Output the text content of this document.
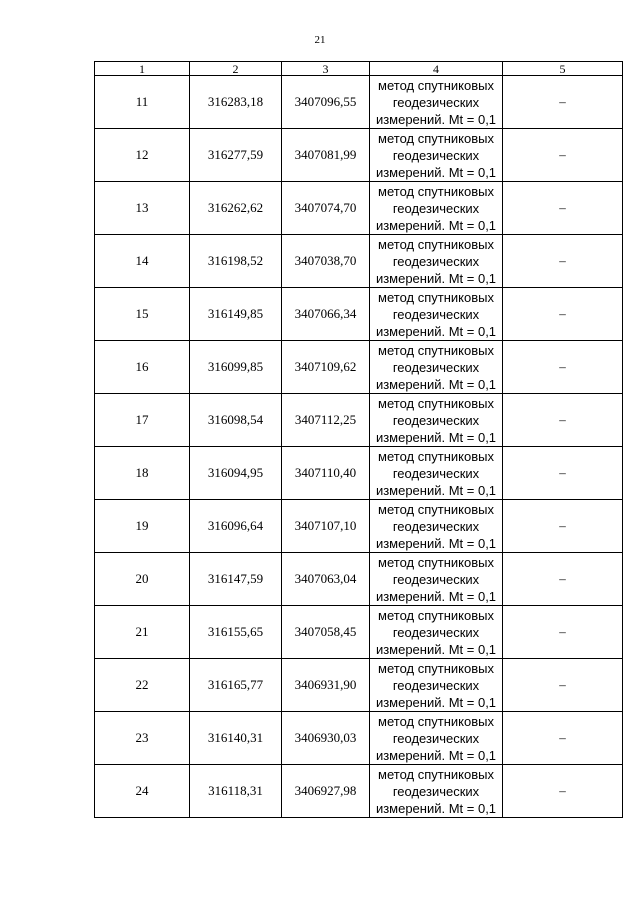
21
1	2	3	4	5
11	316283,18	3407096,55	метод спутниковых
геодезических
измерений. Mt = 0,1	–
12	316277,59	3407081,99	метод спутниковых
геодезических
измерений. Mt = 0,1	–
13	316262,62	3407074,70	метод спутниковых
геодезических
измерений. Mt = 0,1	–
14	316198,52	3407038,70	метод спутниковых
геодезических
измерений. Mt = 0,1	–
15	316149,85	3407066,34	метод спутниковых
геодезических
измерений. Mt = 0,1	–
16	316099,85	3407109,62	метод спутниковых
геодезических
измерений. Mt = 0,1	–
17	316098,54	3407112,25	метод спутниковых
геодезических
измерений. Mt = 0,1	–
18	316094,95	3407110,40	метод спутниковых
геодезических
измерений. Mt = 0,1	–
19	316096,64	3407107,10	метод спутниковых
геодезических
измерений. Mt = 0,1	–
20	316147,59	3407063,04	метод спутниковых
геодезических
измерений. Mt = 0,1	–
21	316155,65	3407058,45	метод спутниковых
геодезических
измерений. Mt = 0,1	–
22	316165,77	3406931,90	метод спутниковых
геодезических
измерений. Mt = 0,1	–
23	316140,31	3406930,03	метод спутниковых
геодезических
измерений. Mt = 0,1	–
24	316118,31	3406927,98	метод спутниковых
геодезических
измерений. Mt = 0,1	–
